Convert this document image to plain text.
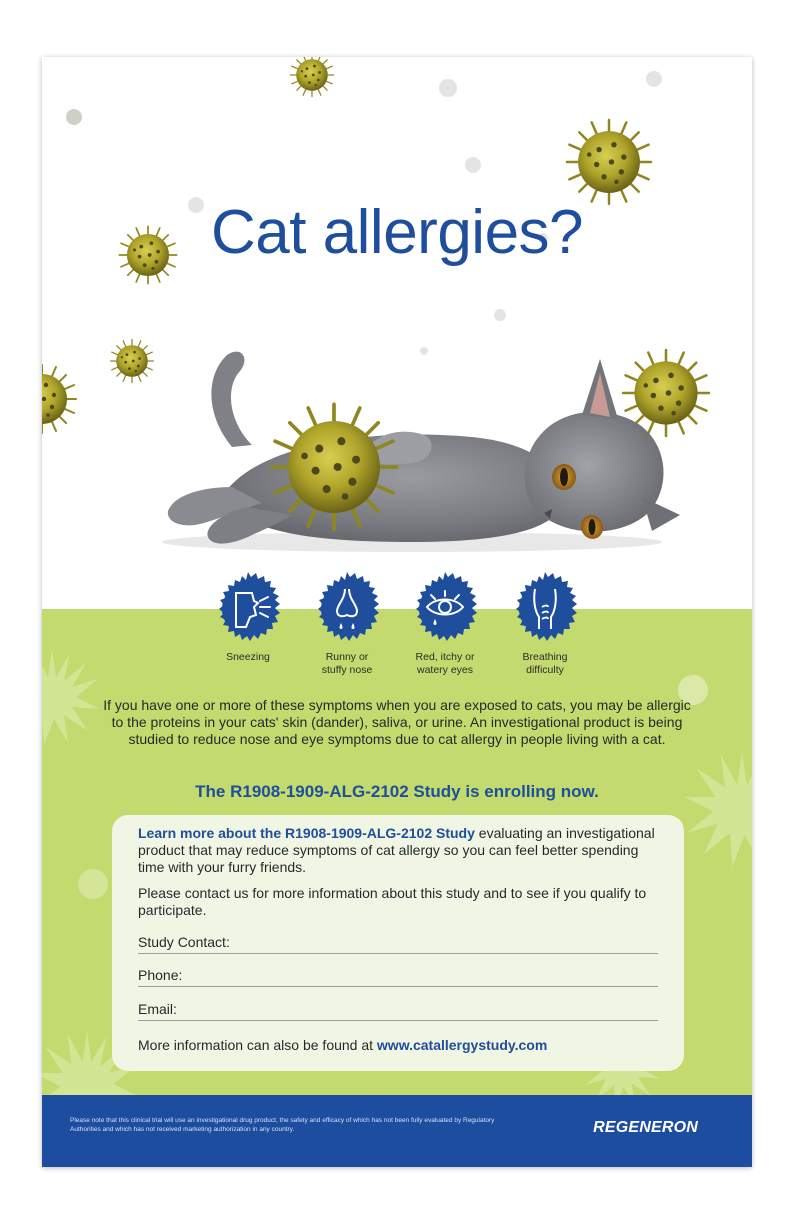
Cat allergies?
Sneezing	Runny or
stuffy nose
Red, itchy or
watery eyes
Breathing
difficulty

If you have one or more of these symptoms when you are exposed to cats, you may be allergic to the proteins in your cats' skin (dander), saliva, or urine. An investigational product is being studied to reduce nose and eye symptoms due to cat allergy in people living with a cat.

The R1908-1909-ALG-2102 Study is enrolling now.

Learn more about the R1908-1909-ALG-2102 Study evaluating an investigational product that may reduce symptoms of cat allergy so you can feel better spending time with your furry friends.

Please contact us for more information about this study and to see if you qualify to participate.

Study Contact:
Phone:
Email:

More information can also be found at www.catallergystudy.com

Please note that this clinical trial will use an investigational drug product, the safety and efficacy of which has not been fully evaluated by Regulatory Authorities and which has not received marketing authorization in any country.	REGENERON
